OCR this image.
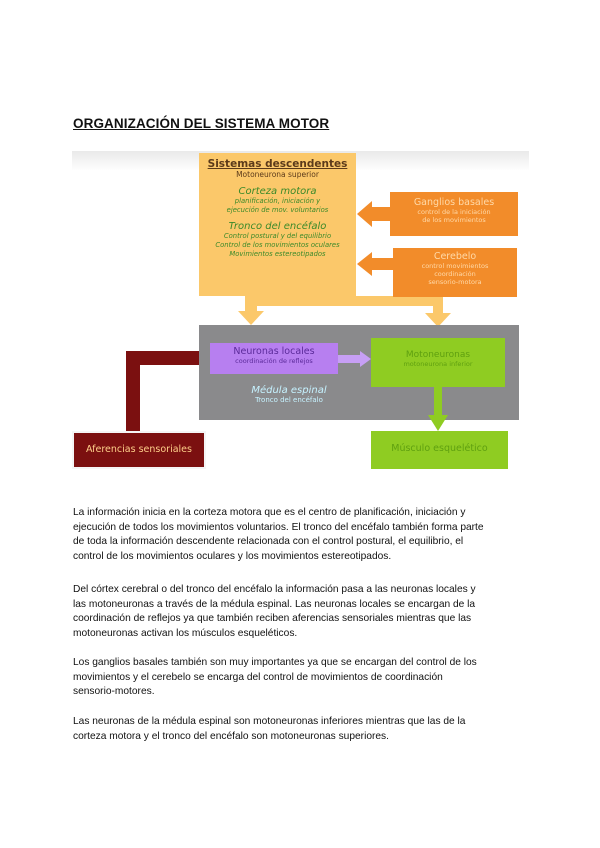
ORGANIZACIÓN DEL SISTEMA MOTOR
Sistemas descendentes
Motoneurona superior
Corteza motora
planificación, iniciación y
ejecución de mov. voluntarios
Tronco del encéfalo
Control postural y del equilibrio
Control de los movimientos oculares
Movimientos estereotipados
Ganglios basales
control de la iniciación
de los movimientos
Cerebelo
control movimientos
coordinación
sensorio-motora
Neuronas locales
coordinación de reflejos
Motoneuronas
motoneurona inferior
Médula espinal
Tronco del encéfalo
Aferencias sensoriales	Músculo esquelético
La información inicia en la corteza motora que es el centro de planificación, iniciación y
ejecución de todos los movimientos voluntarios. El tronco del encéfalo también forma parte
de toda la información descendente relacionada con el control postural, el equilibrio, el
control de los movimientos oculares y los movimientos estereotipados.
Del córtex cerebral o del tronco del encéfalo la información pasa a las neuronas locales y
las motoneuronas a través de la médula espinal. Las neuronas locales se encargan de la
coordinación de reflejos ya que también reciben aferencias sensoriales mientras que las
motoneuronas activan los músculos esqueléticos.
Los ganglios basales también son muy importantes ya que se encargan del control de los
movimientos y el cerebelo se encarga del control de movimientos de coordinación
sensorio-motores.
Las neuronas de la médula espinal son motoneuronas inferiores mientras que las de la
corteza motora y el tronco del encéfalo son motoneuronas superiores.
